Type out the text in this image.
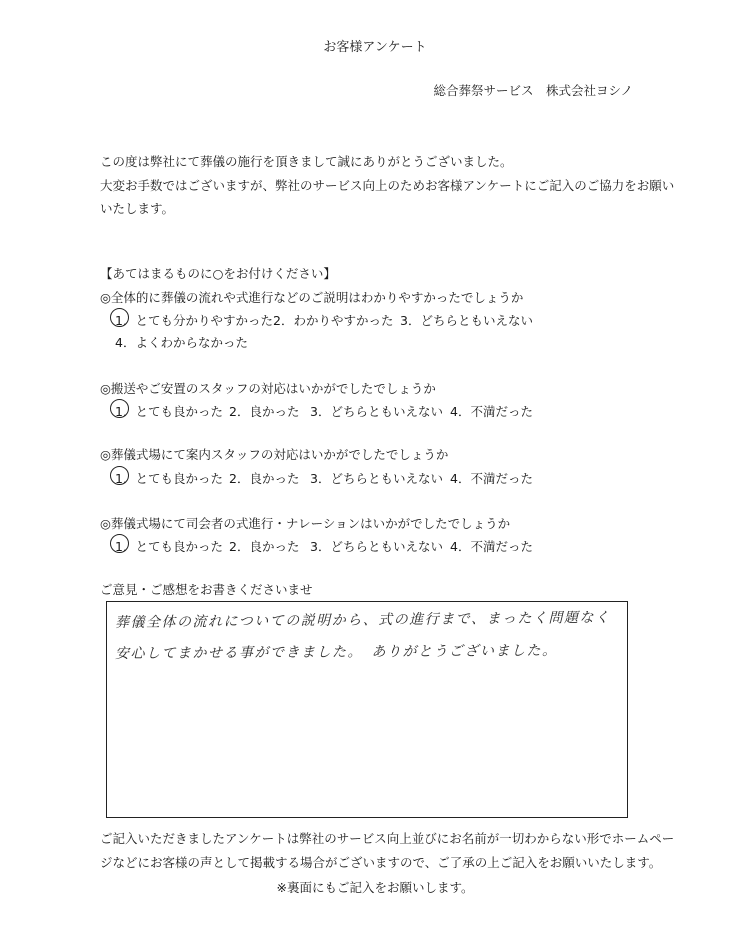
お客様アンケート
総合葬祭サービス　株式会社ヨシノ
この度は弊社にて葬儀の施行を頂きまして誠にありがとうございました。
大変お手数ではございますが、弊社のサービス向上のためお客様アンケートにご記入のご協力をお願い
いたします。
【あてはまるものに○をお付けください】
◎全体的に葬儀の流れや式進行などのご説明はわかりやすかったでしょうか
1．とても分かりやすかった 2．わかりやすかった 3．どちらともいえない
4．よくわからなかった
◎搬送やご安置のスタッフの対応はいかがでしたでしょうか
1．とても良かった 2．良かった 3．どちらともいえない 4．不満だった
◎葬儀式場にて案内スタッフの対応はいかがでしたでしょうか
1．とても良かった 2．良かった 3．どちらともいえない 4．不満だった
◎葬儀式場にて司会者の式進行・ナレーションはいかがでしたでしょうか
1．とても良かった 2．良かった 3．どちらともいえない 4．不満だった
ご意見・ご感想をお書きくださいませ
葬儀全体の流れについての説明から、式の進行まで、まったく問題なく
安心してまかせる事ができました。　ありがとうございました。
ご記入いただきましたアンケートは弊社のサービス向上並びにお名前が一切わからない形でホームペー
ジなどにお客様の声として掲載する場合がございますので、ご了承の上ご記入をお願いいたします。
※裏面にもご記入をお願いします。
